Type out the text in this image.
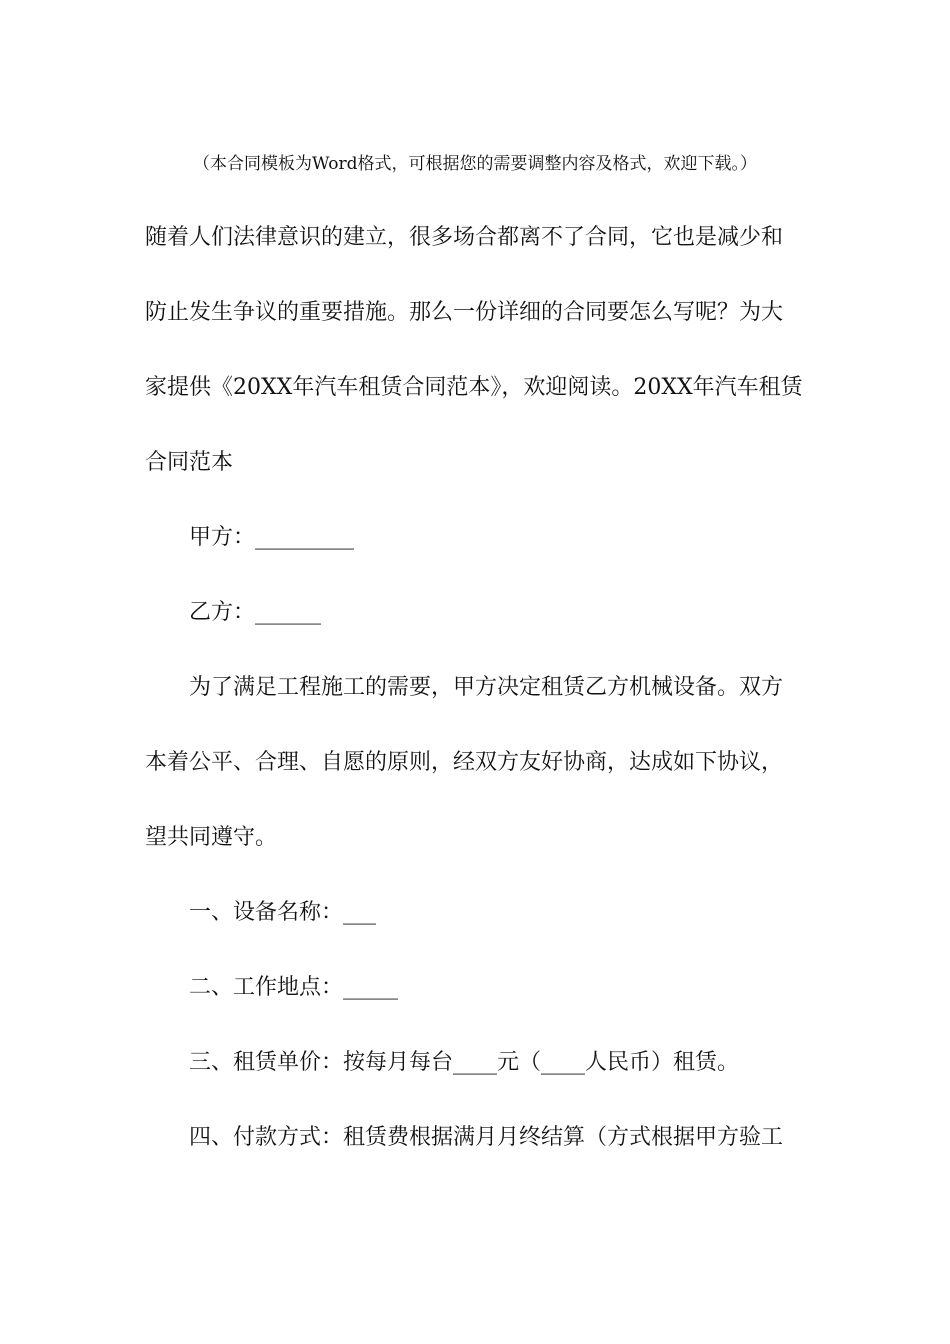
（本合同模板为Word格式，可根据您的需要调整内容及格式，欢迎下载。）
随着人们法律意识的建立，很多场合都离不了合同，它也是减少和
防止发生争议的重要措施。那么一份详细的合同要怎么写呢？为大
家提供《20XX年汽车租赁合同范本》，欢迎阅读。20XX年汽车租赁
合同范本
甲方：_________
乙方：______
为了满足工程施工的需要，甲方决定租赁乙方机械设备。双方
本着公平、合理、自愿的原则，经双方友好协商，达成如下协议，
望共同遵守。
一、设备名称：___
二、工作地点：_____
三、租赁单价：按每月每台____元（____人民币）租赁。
四、付款方式：租赁费根据满月月终结算（方式根据甲方验工
